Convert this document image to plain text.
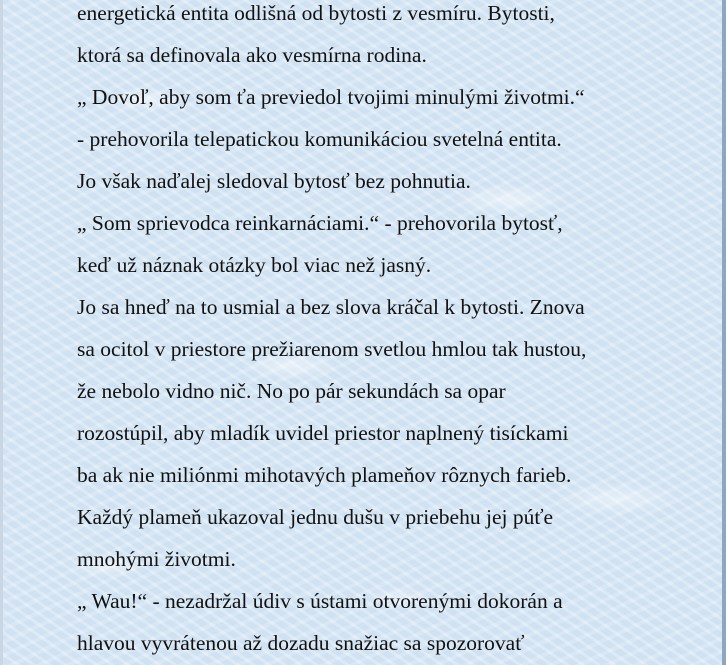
energetická entita odlišná od bytosti z vesmíru. Bytosti,
ktorá sa definovala ako vesmírna rodina.
„ Dovoľ, aby som ťa previedol tvojimi minulými životmi.“
- prehovorila telepatickou komunikáciou svetelná entita.
Jo však naďalej sledoval bytosť bez pohnutia.
„ Som sprievodca reinkarnáciami.“ - prehovorila bytosť,
keď už náznak otázky bol viac než jasný.
Jo sa hneď na to usmial a bez slova kráčal k bytosti. Znova
sa ocitol v priestore prežiarenom svetlou hmlou tak hustou,
že nebolo vidno nič. No po pár sekundách sa opar
rozostúpil, aby mladík uvidel priestor naplnený tisíckami
ba ak nie miliónmi mihotavých plameňov rôznych farieb.
Každý plameň ukazoval jednu dušu v priebehu jej púť͏e
mnohými životmi.
„ Wau!“ - nezadržal údiv s ústami otvorenými dokorán a
hlavou vyvrátenou až dozadu snažiac sa spozorovať
